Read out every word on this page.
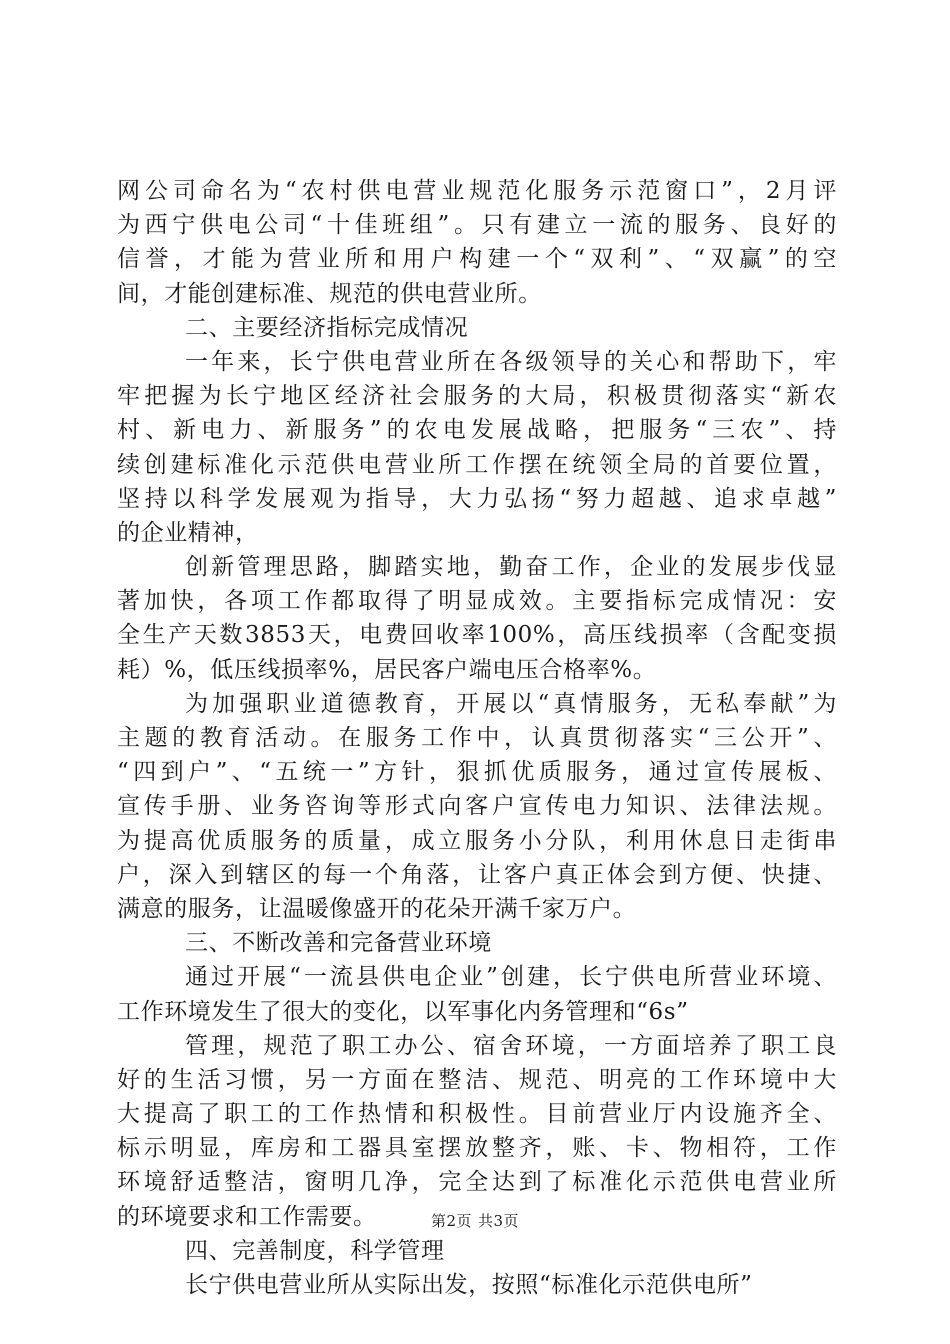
网公司命名为“农村供电营业规范化服务示范窗口”，2月评
为西宁供电公司“十佳班组”。只有建立一流的服务、良好的
信誉，才能为营业所和用户构建一个“双利”、“双赢”的空
间，才能创建标准、规范的供电营业所。
二、主要经济指标完成情况
一年来，长宁供电营业所在各级领导的关心和帮助下，牢
牢把握为长宁地区经济社会服务的大局，积极贯彻落实“新农
村、新电力、新服务”的农电发展战略，把服务“三农”、持
续创建标准化示范供电营业所工作摆在统领全局的首要位置，
坚持以科学发展观为指导，大力弘扬“努力超越、追求卓越”
的企业精神，
创新管理思路，脚踏实地，勤奋工作，企业的发展步伐显
著加快，各项工作都取得了明显成效。主要指标完成情况：安
全生产天数3853天，电费回收率100%，高压线损率（含配变损
耗）%，低压线损率%，居民客户端电压合格率%。
为加强职业道德教育，开展以“真情服务，无私奉献”为
主题的教育活动。在服务工作中，认真贯彻落实“三公开”、
“四到户”、“五统一”方针，狠抓优质服务，通过宣传展板、
宣传手册、业务咨询等形式向客户宣传电力知识、法律法规。
为提高优质服务的质量，成立服务小分队，利用休息日走街串
户，深入到辖区的每一个角落，让客户真正体会到方便、快捷、
满意的服务，让温暖像盛开的花朵开满千家万户。
三、不断改善和完备营业环境
通过开展“一流县供电企业”创建，长宁供电所营业环境、
工作环境发生了很大的变化，以军事化内务管理和“6s”
管理，规范了职工办公、宿舍环境，一方面培养了职工良
好的生活习惯，另一方面在整洁、规范、明亮的工作环境中大
大提高了职工的工作热情和积极性。目前营业厅内设施齐全、
标示明显，库房和工器具室摆放整齐，账、卡、物相符，工作
环境舒适整洁，窗明几净，完全达到了标准化示范供电营业所
的环境要求和工作需要。
四、完善制度，科学管理
长宁供电营业所从实际出发，按照“标准化示范供电所”
第2页 共3页
